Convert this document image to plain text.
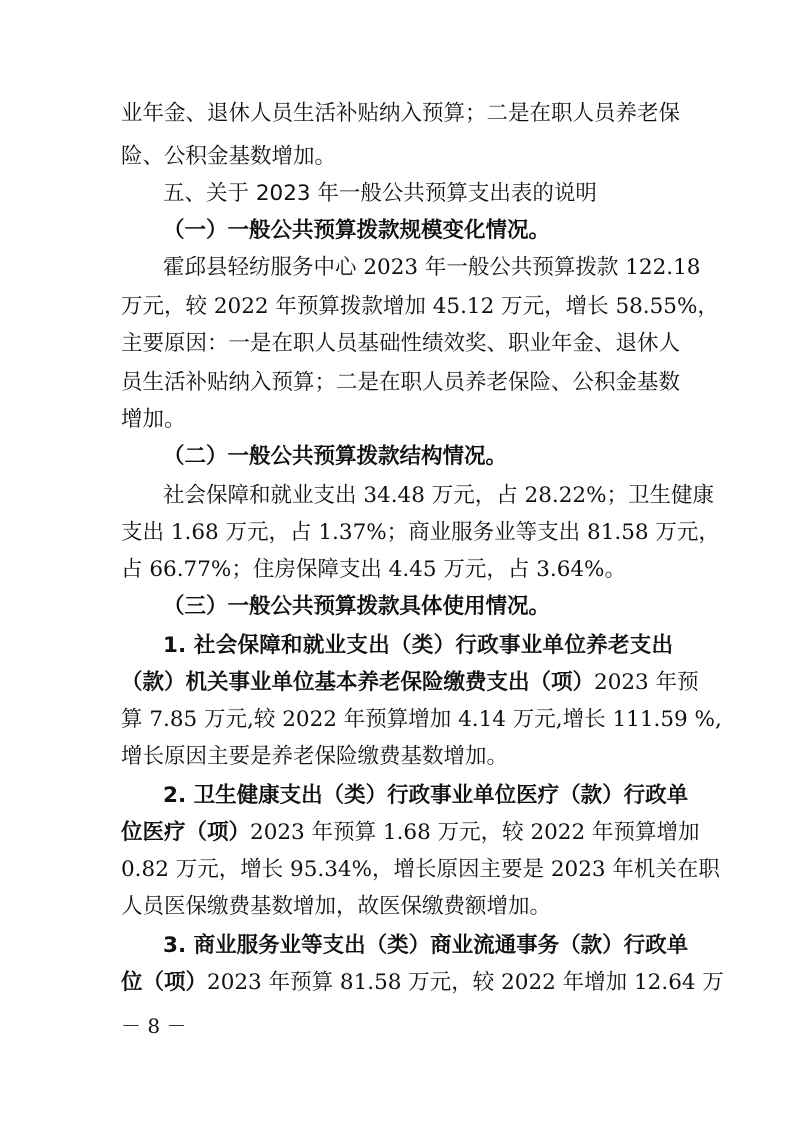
业年金、退休人员生活补贴纳入预算；二是在职人员养老保
险、公积金基数增加。
五、关于 2023 年一般公共预算支出表的说明
（一）一般公共预算拨款规模变化情况。
霍邱县轻纺服务中心 2023 年一般公共预算拨款 122.18
万元，较 2022 年预算拨款增加 45.12 万元，增长 58.55%，
主要原因：一是在职人员基础性绩效奖、职业年金、退休人
员生活补贴纳入预算；二是在职人员养老保险、公积金基数
增加。
（二）一般公共预算拨款结构情况。
社会保障和就业支出 34.48 万元，占 28.22%；卫生健康
支出 1.68 万元，占 1.37%；商业服务业等支出 81.58 万元，
占 66.77%；住房保障支出 4.45 万元，占 3.64%。
（三）一般公共预算拨款具体使用情况。
1. 社会保障和就业支出（类）行政事业单位养老支出
（款）机关事业单位基本养老保险缴费支出（项）2023 年预
算 7.85 万元,较 2022 年预算增加 4.14 万元,增长 111.59 %,
增长原因主要是养老保险缴费基数增加。
2. 卫生健康支出（类）行政事业单位医疗（款）行政单
位医疗（项）2023 年预算 1.68 万元，较 2022 年预算增加
0.82 万元，增长 95.34%，增长原因主要是 2023 年机关在职
人员医保缴费基数增加，故医保缴费额增加。
3. 商业服务业等支出（类）商业流通事务（款）行政单
位（项）2023 年预算 81.58 万元，较 2022 年增加 12.64 万
－ 8 －
